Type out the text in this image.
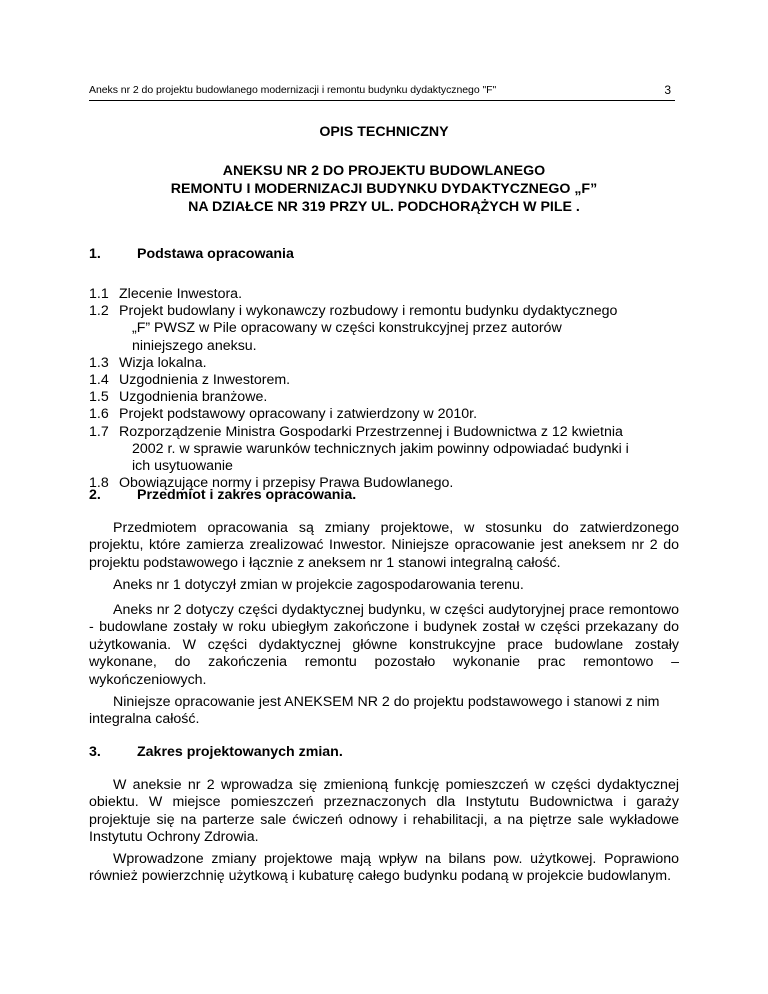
Aneks nr 2 do projektu budowlanego modernizacji i remontu budynku dydaktycznego "F"	3
OPIS TECHNICZNY
ANEKSU NR 2 DO PROJEKTU BUDOWLANEGO
REMONTU I MODERNIZACJI BUDYNKU DYDAKTYCZNEGO „F”
NA DZIAŁCE NR 319 PRZY UL. PODCHORĄŻYCH W PILE .
1.	Podstawa opracowania
1.1 Zlecenie Inwestora.
1.2 Projekt budowlany i wykonawczy rozbudowy i remontu budynku dydaktycznego
„F” PWSZ w Pile opracowany w części konstrukcyjnej przez autorów
niniejszego aneksu.
1.3 Wizja lokalna.
1.4 Uzgodnienia z Inwestorem.
1.5 Uzgodnienia branżowe.
1.6 Projekt podstawowy opracowany i zatwierdzony w 2010r.
1.7 Rozporządzenie Ministra Gospodarki Przestrzennej i Budownictwa z 12 kwietnia
2002 r. w sprawie warunków technicznych jakim powinny odpowiadać budynki i
ich usytuowanie
1.8 Obowiązujące normy i przepisy Prawa Budowlanego.
2.	Przedmiot i zakres opracowania.
Przedmiotem opracowania są zmiany projektowe, w stosunku do zatwierdzonego projektu, które zamierza zrealizować Inwestor. Niniejsze opracowanie jest aneksem nr 2 do projektu podstawowego i łącznie z aneksem nr 1 stanowi integralną całość.
Aneks nr 1 dotyczył zmian w projekcie zagospodarowania terenu.
Aneks nr 2 dotyczy części dydaktycznej budynku, w części audytoryjnej prace remontowo - budowlane zostały w roku ubiegłym zakończone i budynek został w części przekazany do użytkowania. W części dydaktycznej główne konstrukcyjne prace budowlane zostały wykonane, do zakończenia remontu pozostało wykonanie prac remontowo – wykończeniowych.
Niniejsze opracowanie jest ANEKSEM NR 2 do projektu podstawowego i stanowi z nim integralna całość.
3.	Zakres projektowanych zmian.
W aneksie nr 2 wprowadza się zmienioną funkcję pomieszczeń w części dydaktycznej obiektu. W miejsce pomieszczeń przeznaczonych dla Instytutu Budownictwa i garaży projektuje się na parterze sale ćwiczeń odnowy i rehabilitacji, a na piętrze sale wykładowe Instytutu Ochrony Zdrowia.
Wprowadzone zmiany projektowe mają wpływ na bilans pow. użytkowej. Poprawiono również powierzchnię użytkową i kubaturę całego budynku podaną w projekcie budowlanym.
